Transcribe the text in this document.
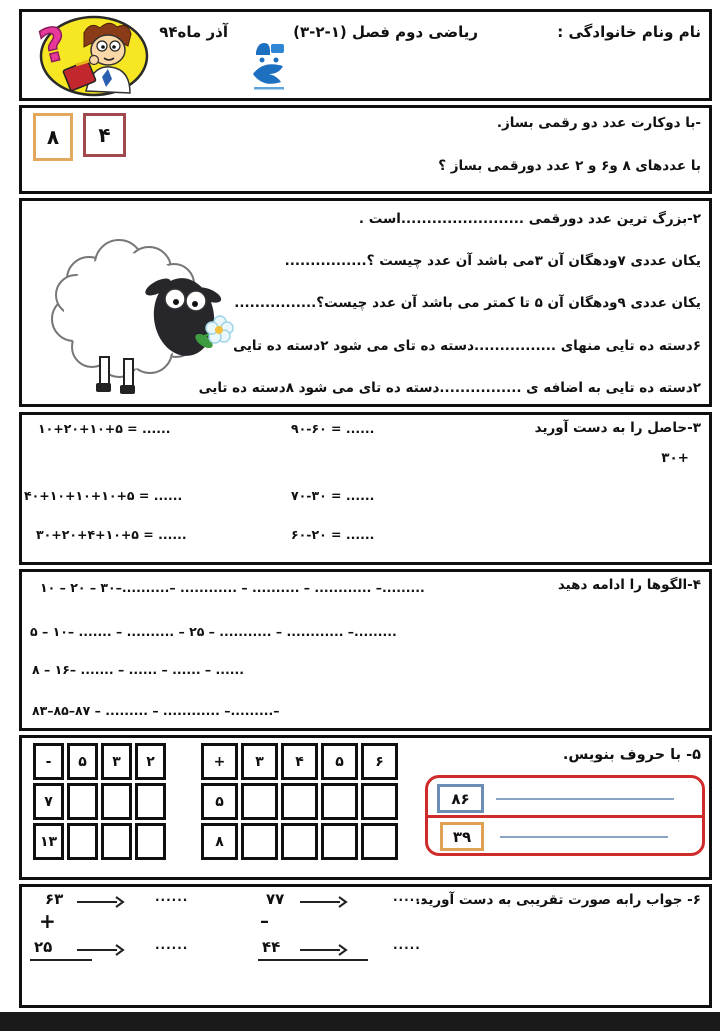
?	نام ونام خانوادگی :
ریاضی دوم فصل (۱‏-۲‏-۳)
آذر ماه۹۴
-با دوکارت عدد دو رقمی بساز.
با عددهای ۸ و۶ و ۲ عدد دورقمی بساز ؟
۸	۴
۲-بزرگ ترین عدد دورقمی ........................است .
یکان عددی ۷ودهگان آن ۳می باشد آن عدد چیست ؟................
یکان عددی ۹ودهگان آن ۵ تا کمتر می باشد آن عدد چیست؟................
۶دسته ده تایی منهای ................دسته ده تای می شود ۲دسته ده تایی
۲دسته ده تایی به اضافه ی ................دسته ده تای می شود ۸دسته ده تایی
۳-حاصل را به دست آورید
۳۰+
۱۰+۲۰+۱۰+۵ = ......
۴۰+۱۰+۱۰+۱۰+۵ = ......
۳۰+۲۰+۴+۱۰+۵ = ......
۹۰-۶۰ = ......
۷۰-۳۰ = ......
۶۰-۲۰ = ......
۴-الگوها را ادامه دهید
۱۰ – ۲۰ – ۳۰–..........– ............ – .......... – ............ –.........
۵ – ۱۰– ....... – .......... – ۲۵ – ........... – ............ –.........
۸ – ۱۶– ....... – ...... – ...... – ......
۸۳–۸۵–۸۷ – ......... – ............ –.........–
۵- با حروف بنویس.
-	۵	۳	۲
۷
۱۳
+	۳	۴	۵	۶
۵
۸
۸۶
۳۹
۶- جواب رابه صورت تقریبی به دست آورید.
۶۳	......
+
۲۵	......
۷۷	......
–
۴۴	.....
